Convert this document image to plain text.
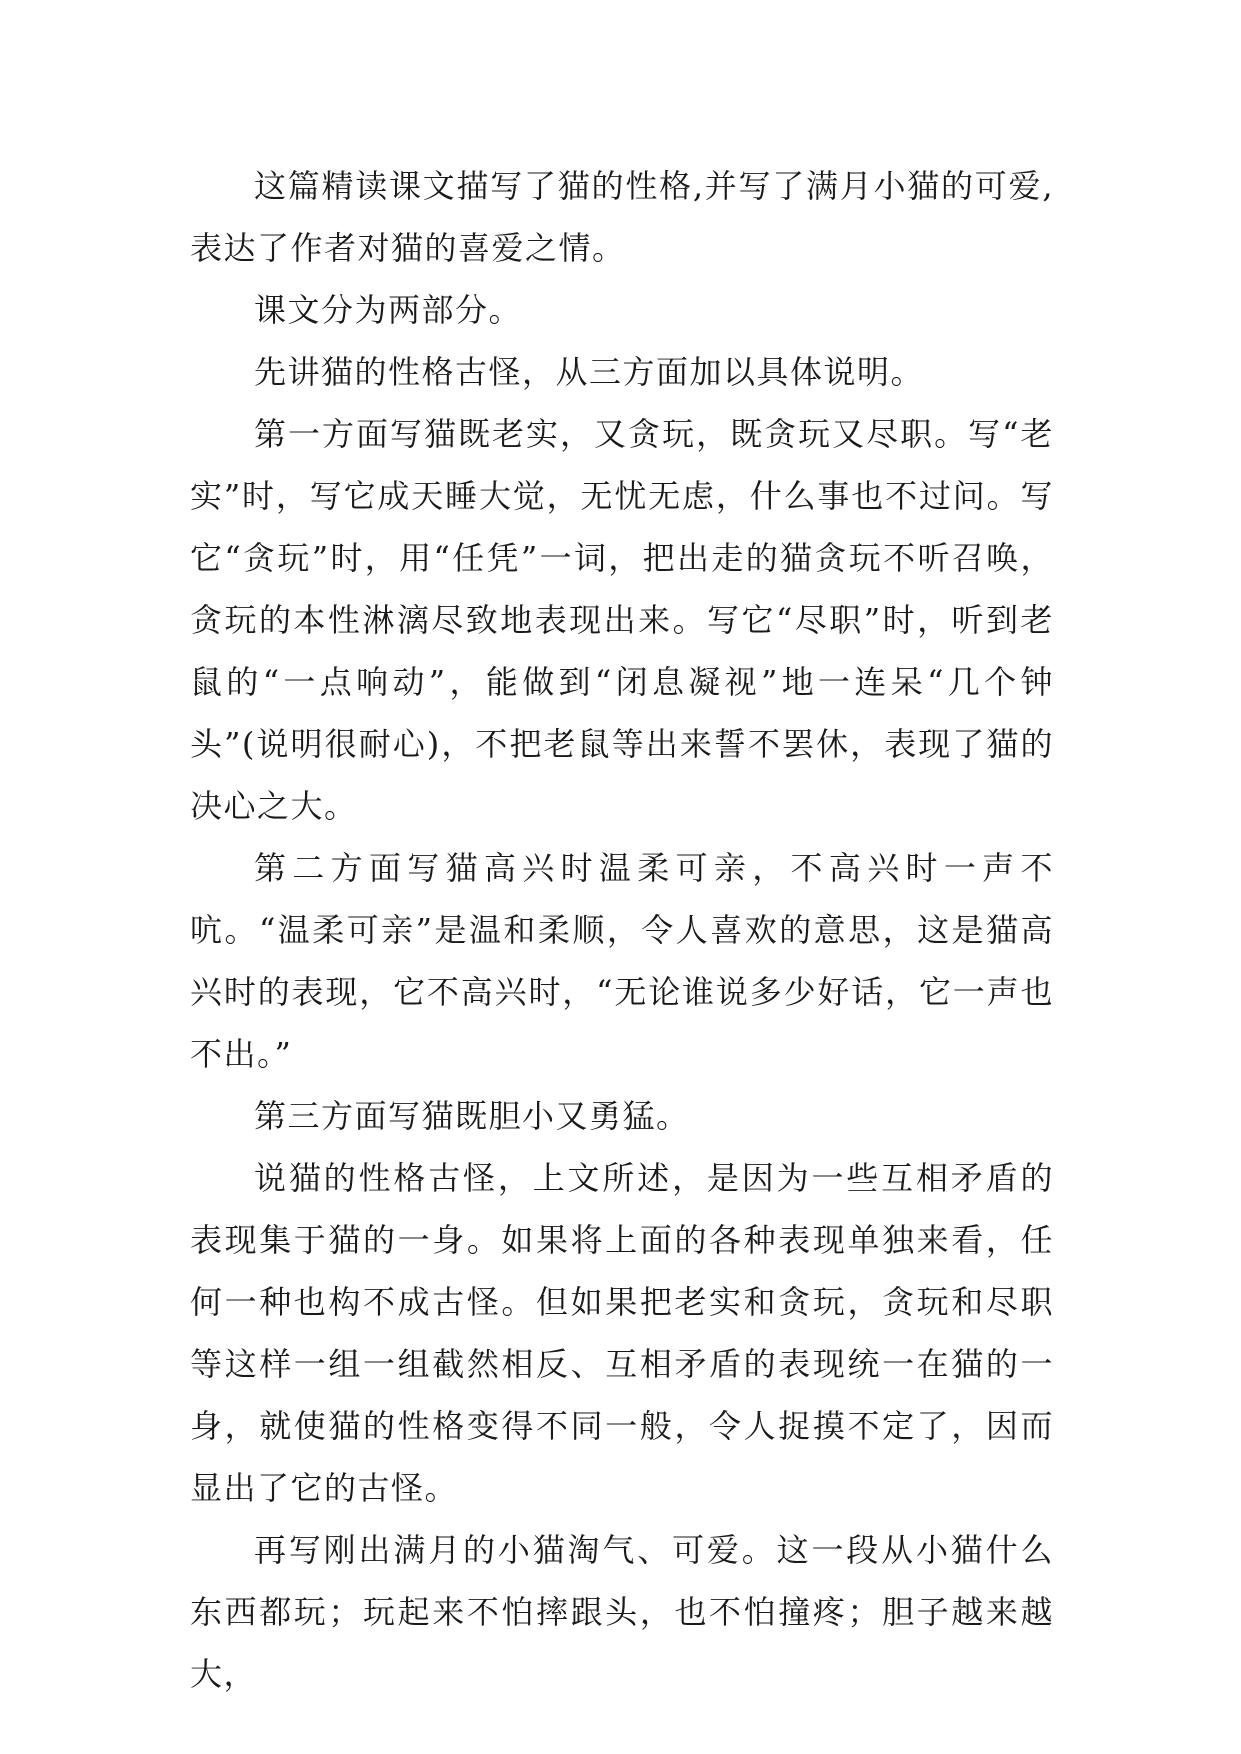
这篇精读课文描写了猫的性格,并写了满月小猫的可爱,表达了作者对猫的喜爱之情。

课文分为两部分。

先讲猫的性格古怪，从三方面加以具体说明。

第一方面写猫既老实，又贪玩，既贪玩又尽职。写“老实”时，写它成天睡大觉，无忧无虑，什么事也不过问。写它“贪玩”时，用“任凭”一词，把出走的猫贪玩不听召唤，贪玩的本性淋漓尽致地表现出来。写它“尽职”时，听到老鼠的“一点响动”，能做到“闭息凝视”地一连呆“几个钟头”(说明很耐心)，不把老鼠等出来誓不罢休，表现了猫的决心之大。

第二方面写猫高兴时温柔可亲，不高兴时一声不吭。“温柔可亲”是温和柔顺，令人喜欢的意思，这是猫高兴时的表现，它不高兴时，“无论谁说多少好话，它一声也不出。”

第三方面写猫既胆小又勇猛。

说猫的性格古怪，上文所述，是因为一些互相矛盾的表现集于猫的一身。如果将上面的各种表现单独来看，任何一种也构不成古怪。但如果把老实和贪玩，贪玩和尽职等这样一组一组截然相反、互相矛盾的表现统一在猫的一身，就使猫的性格变得不同一般，令人捉摸不定了，因而显出了它的古怪。

再写刚出满月的小猫淘气、可爱。这一段从小猫什么东西都玩；玩起来不怕摔跟头，也不怕撞疼；胆子越来越大，
